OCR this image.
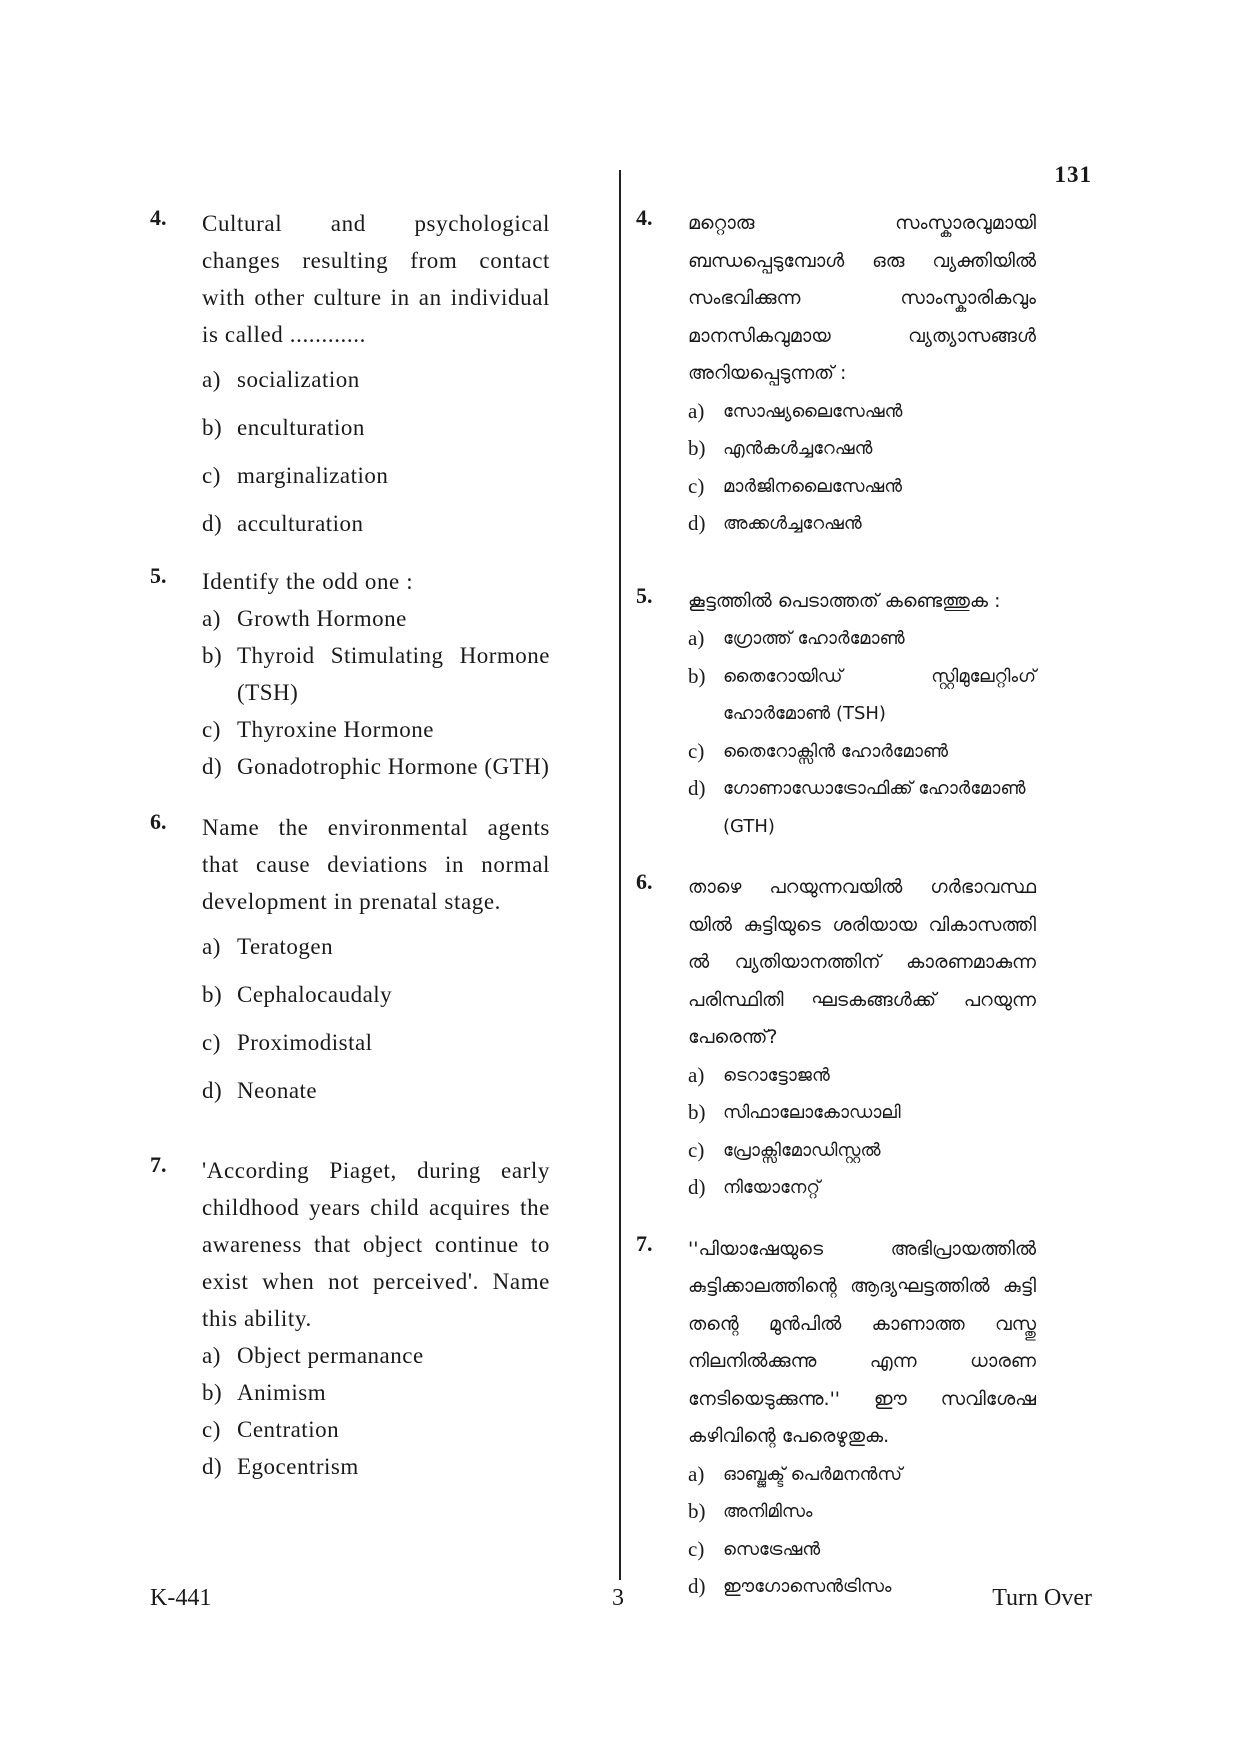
131
4. Cultural and psychological changes resulting from contact with other culture in an individual is called ............
a) socialization
b) enculturation
c) marginalization
d) acculturation
5. Identify the odd one :
a) Growth Hormone
b) Thyroid Stimulating Hormone (TSH)
c) Thyroxine Hormone
d) Gonadotrophic Hormone (GTH)
6. Name the environmental agents that cause deviations in normal development in prenatal stage.
a) Teratogen
b) Cephalocaudaly
c) Proximodistal
d) Neonate
7. 'According Piaget, during early childhood years child acquires the awareness that object continue to exist when not perceived'. Name this ability.
a) Object permanance
b) Animism
c) Centration
d) Egocentrism
4. മറ്റൊരു സംസ്കാരവുമായി ബന്ധപ്പെടുമ്പോൾ ഒരു വ്യക്തിയിൽ സംഭവിക്കുന്ന സാംസ്കാരികവും മാനസികവുമായ വ്യത്യാസങ്ങൾ അറിയപ്പെടുന്നത് :
a) സോഷ്യലൈസേഷൻ
b) എൻകൾച്ചറേഷൻ
c) മാർജിനലൈസേഷൻ
d) അക്കൾച്ചറേഷൻ
5. കൂട്ടത്തിൽ പെടാത്തത് കണ്ടെത്തുക :
a) ഗ്രോത്ത് ഹോർമോൺ
b) തൈറോയിഡ് സ്റ്റിമുലേറ്റിംഗ് ഹോർമോൺ (TSH)
c) തൈറോക്സിൻ ഹോർമോൺ
d) ഗോണാഡോട്രോഫിക്ക് ഹോർമോൺ (GTH)
6. താഴെ പറയുന്നവയിൽ ഗർഭാവസ്ഥ യിൽ കുട്ടിയുടെ ശരിയായ വികാസത്തി ൽ വ്യതിയാനത്തിന് കാരണമാകുന്ന പരിസ്ഥിതി ഘടകങ്ങൾക്ക് പറയുന്ന പേരെന്ത്?
a) ടെറാട്ടോജൻ
b) സിഫാലോകോഡാലി
c) പ്രോക്സിമോഡിസ്റ്റൽ
d) നിയോനേറ്റ്
7. ''പിയാഷേയുടെ അഭിപ്രായത്തിൽ കുട്ടിക്കാലത്തിന്റെ ആദ്യഘട്ടത്തിൽ കുട്ടി തന്റെ മുൻപിൽ കാണാത്ത വസ്തു നിലനിൽക്കുന്നു എന്ന ധാരണ നേടിയെടുക്കുന്നു.'' ഈ സവിശേഷ കഴിവിന്റെ പേരെഴുതുക.
a) ഓബ്ജക്ട് പെർമനൻസ്
b) അനിമിസം
c) സെട്രേഷൻ
d) ഈഗോസെൻട്രിസം
K-441	3	Turn Over
